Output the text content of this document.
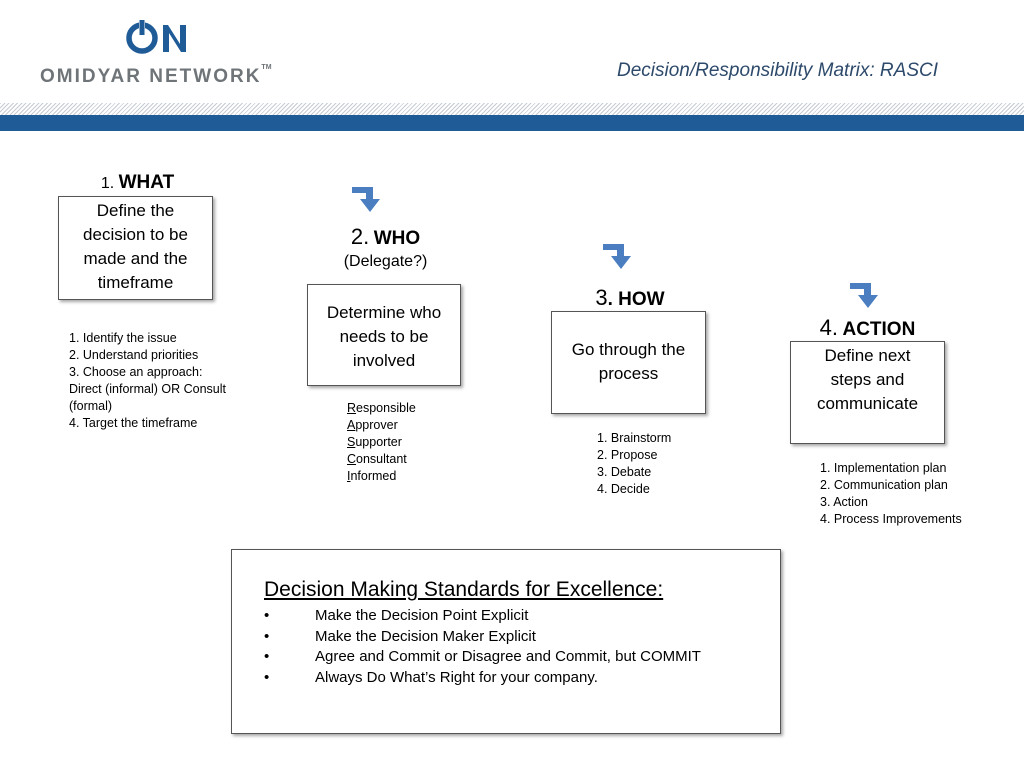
OMIDYAR NETWORK™	Decision/Responsibility Matrix: RASCI
1. WHAT
Define the
decision to be
made and the
timeframe
1. Identify the issue
2. Understand priorities
3. Choose an approach:
Direct (informal) OR Consult
(formal)
4. Target the timeframe
2. WHO
(Delegate?)
Determine who
needs to be
involved
Responsible
Approver
Supporter
Consultant
Informed
3. HOW
Go through the
process
1. Brainstorm
2. Propose
3. Debate
4. Decide
4. ACTION
Define next
steps and
communicate
1. Implementation plan
2. Communication plan
3. Action
4. Process Improvements
Decision Making Standards for Excellence:
•	Make the Decision Point Explicit
•	Make the Decision Maker Explicit
•	Agree and Commit or Disagree and Commit, but COMMIT
•	Always Do What’s Right for your company.
